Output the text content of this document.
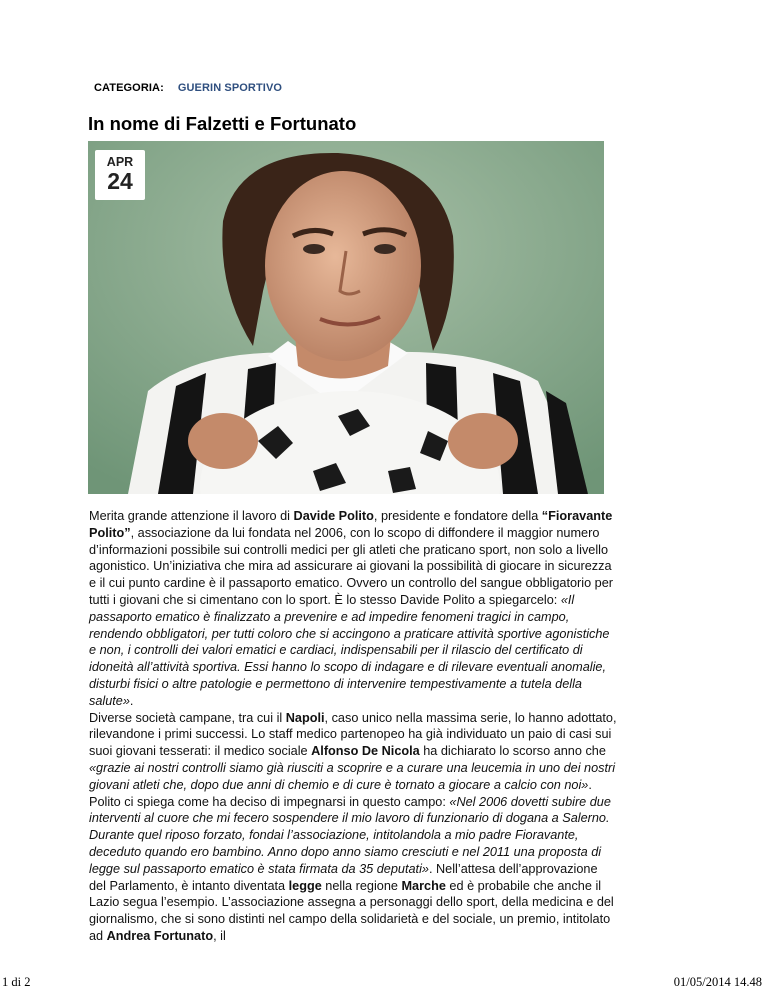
CATEGORIA: GUERIN SPORTIVO
In nome di Falzetti e Fortunato
APR
24

Merita grande attenzione il lavoro di Davide Polito, presidente e fondatore della “Fioravante Polito”, associazione da lui fondata nel 2006, con lo scopo di diffondere il maggior numero d’informazioni possibile sui controlli medici per gli atleti che praticano sport, non solo a livello agonistico. Un’iniziativa che mira ad assicurare ai giovani la possibilità di giocare in sicurezza e il cui punto cardine è il passaporto ematico. Ovvero un controllo del sangue obbligatorio per tutti i giovani che si cimentano con lo sport. È lo stesso Davide Polito a spiegarcelo: «Il passaporto ematico è finalizzato a prevenire e ad impedire fenomeni tragici in campo, rendendo obbligatori, per tutti coloro che si accingono a praticare attività sportive agonistiche e non, i controlli dei valori ematici e cardiaci, indispensabili per il rilascio del certificato di idoneità all’attività sportiva. Essi hanno lo scopo di indagare e di rilevare eventuali anomalie, disturbi fisici o altre patologie e permettono di intervenire tempestivamente a tutela della salute».

Diverse società campane, tra cui il Napoli, caso unico nella massima serie, lo hanno adottato, rilevandone i primi successi. Lo staff medico partenopeo ha già individuato un paio di casi sui suoi giovani tesserati: il medico sociale Alfonso De Nicola ha dichiarato lo scorso anno che «grazie ai nostri controlli siamo già riusciti a scoprire e a curare una leucemia in uno dei nostri giovani atleti che, dopo due anni di chemio e di cure è tornato a giocare a calcio con noi». Polito ci spiega come ha deciso di impegnarsi in questo campo: «Nel 2006 dovetti subire due interventi al cuore che mi fecero sospendere il mio lavoro di funzionario di dogana a Salerno. Durante quel riposo forzato, fondai l’associazione, intitolandola a mio padre Fioravante, deceduto quando ero bambino. Anno dopo anno siamo cresciuti e nel 2011 una proposta di legge sul passaporto ematico è stata firmata da 35 deputati». Nell’attesa dell’approvazione del Parlamento, è intanto diventata legge nella regione Marche ed è probabile che anche il Lazio segua l’esempio. L’associazione assegna a personaggi dello sport, della medicina e del giornalismo, che si sono distinti nel campo della solidarietà e del sociale, un premio, intitolato ad Andrea Fortunato, il

1 di 2	01/05/2014 14.48
